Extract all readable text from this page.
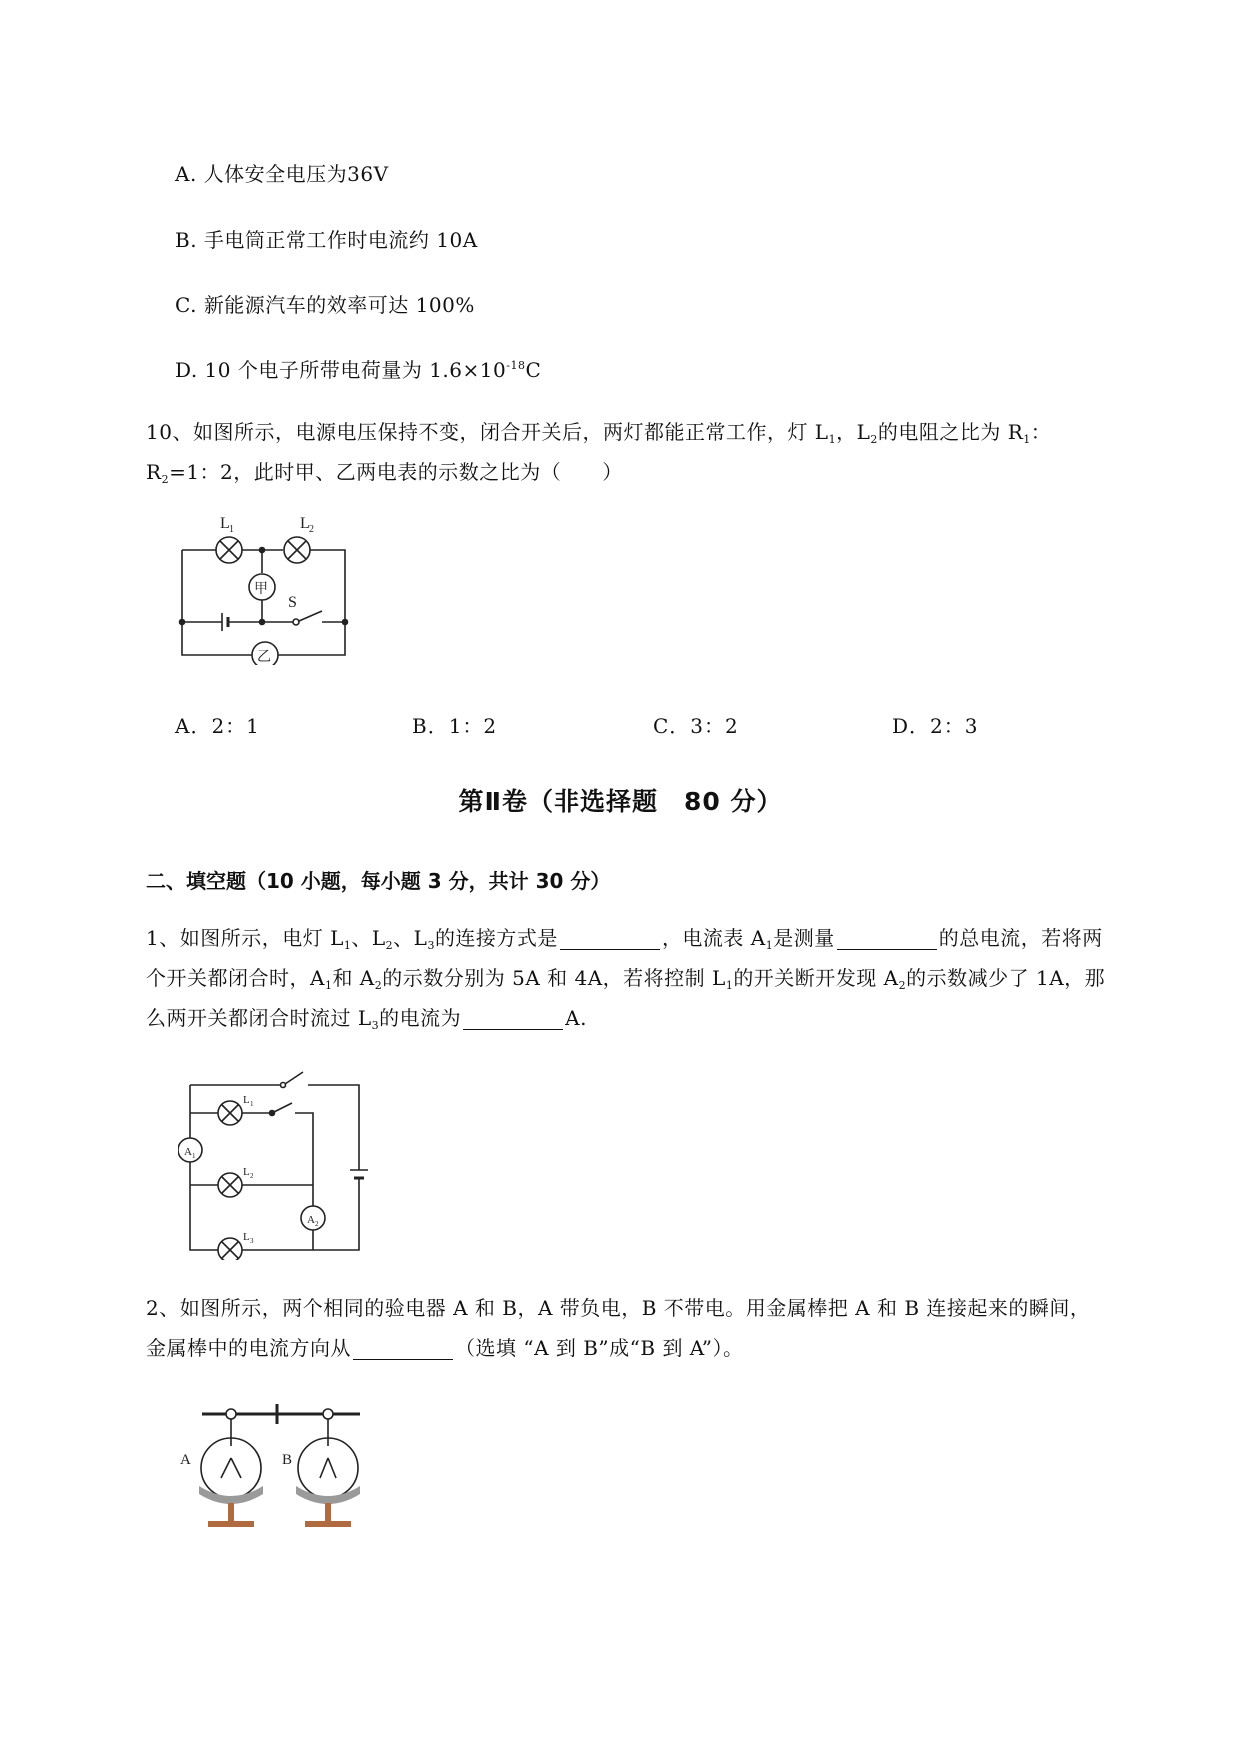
A. 人体安全电压为36V
B. 手电筒正常工作时电流约 10A
C. 新能源汽车的效率可达 100%
D. 10 个电子所带电荷量为 $1.6\times 10^{-18}C$
10、如图所示，电源电压保持不变，闭合开关后，两灯都能正常工作，灯 $L_1$，$L_2$的电阻之比为 $R_1$：
$R_2=1$：2，此时甲、乙两电表的示数之比为（　　）
L 1	L 2
甲
乙
S
A．2：1	B．1：2	C．3：2	D．2：3
第Ⅱ卷（非选择题　80 分）
二、填空题（10 小题，每小题 3 分，共计 30 分）
1、如图所示，电灯 $L_1$、$L_2$、$L_3$的连接方式是	，电流表 $A_1$是测量	的总电流，若将两
个开关都闭合时，$A_1$和 $A_2$的示数分别为 5A 和 4A，若将控制 $L_1$的开关断开发现 $A_2$的示数减少了 1A，那
么两开关都闭合时流过 $L_3$的电流为	A.
A 1
A 2
L 1
L 2
L 3
2、如图所示，两个相同的验电器 A 和 B，A 带负电，B 不带电。用金属棒把 A 和 B 连接起来的瞬间，
金属棒中的电流方向从	（选填 “A 到 B”成“B 到 A”）。
A	B
